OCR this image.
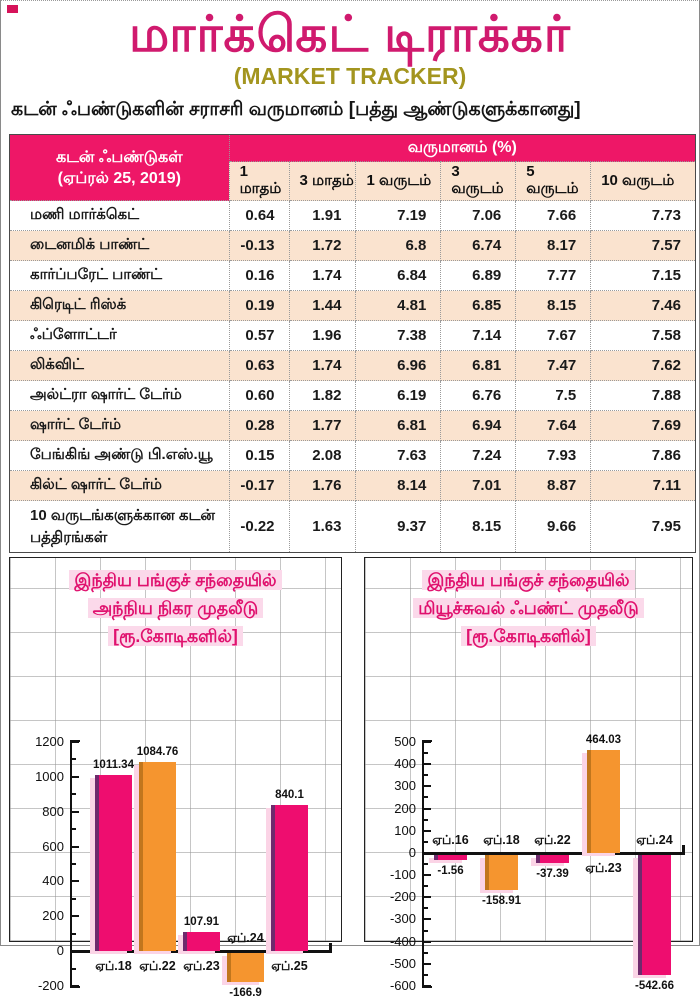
மார்க்கெட் டிராக்கர்
(MARKET TRACKER)
கடன் ஃபண்டுகளின் சராசரி வருமானம் [பத்து ஆண்டுகளுக்கானது]
கடன் ஃபண்டுகள்
(ஏப்ரல் 25, 2019)	வருமானம் (%)					
	1 மாதம்	3 மாதம்	1 வருடம்	3 வருடம்	5 வருடம்	10 வருடம்
மணி மார்க்கெட்	0.64	1.91	7.19	7.06	7.66	7.73
டைனமிக் பாண்ட்	-0.13	1.72	6.8	6.74	8.17	7.57
கார்ப்பரேட் பாண்ட்	0.16	1.74	6.84	6.89	7.77	7.15
கிரெடிட் ரிஸ்க்	0.19	1.44	4.81	6.85	8.15	7.46
ஃப்ளோட்டர்	0.57	1.96	7.38	7.14	7.67	7.58
லிக்விட்	0.63	1.74	6.96	6.81	7.47	7.62
அல்ட்ரா ஷார்ட் டேர்ம்	0.60	1.82	6.19	6.76	7.5	7.88
ஷார்ட் டேர்ம்	0.28	1.77	6.81	6.94	7.64	7.69
பேங்கிங் அண்டு பி.எஸ்.யூ	0.15	2.08	7.63	7.24	7.93	7.86
கில்ட் ஷார்ட் டேர்ம்	-0.17	1.76	8.14	7.01	8.87	7.11
10 வருடங்களுக்கான கடன் பத்திரங்கள்	-0.22	1.63	9.37	8.15	9.66	7.95
இந்திய பங்குச் சந்தையில்
அந்நிய நிகர முதலீடு
[ரூ.கோடிகளில்]
-200
0
200
400
600
800
1000
1200
1011.34
ஏப்.18
1084.76
ஏப்.22
107.91
ஏப்.23
-166.9
ஏப்.24
840.1
ஏப்.25
இந்திய பங்குச் சந்தையில்
மியூச்சுவல் ஃபண்ட் முதலீடு
[ரூ.கோடிகளில்]
-600
-500
-400
-300
-200
-100
0
100
200
300
400
500
-1.56
ஏப்.16
-158.91
ஏப்.18
-37.39
ஏப்.22
464.03
ஏப்.23
-542.66
ஏப்.24
